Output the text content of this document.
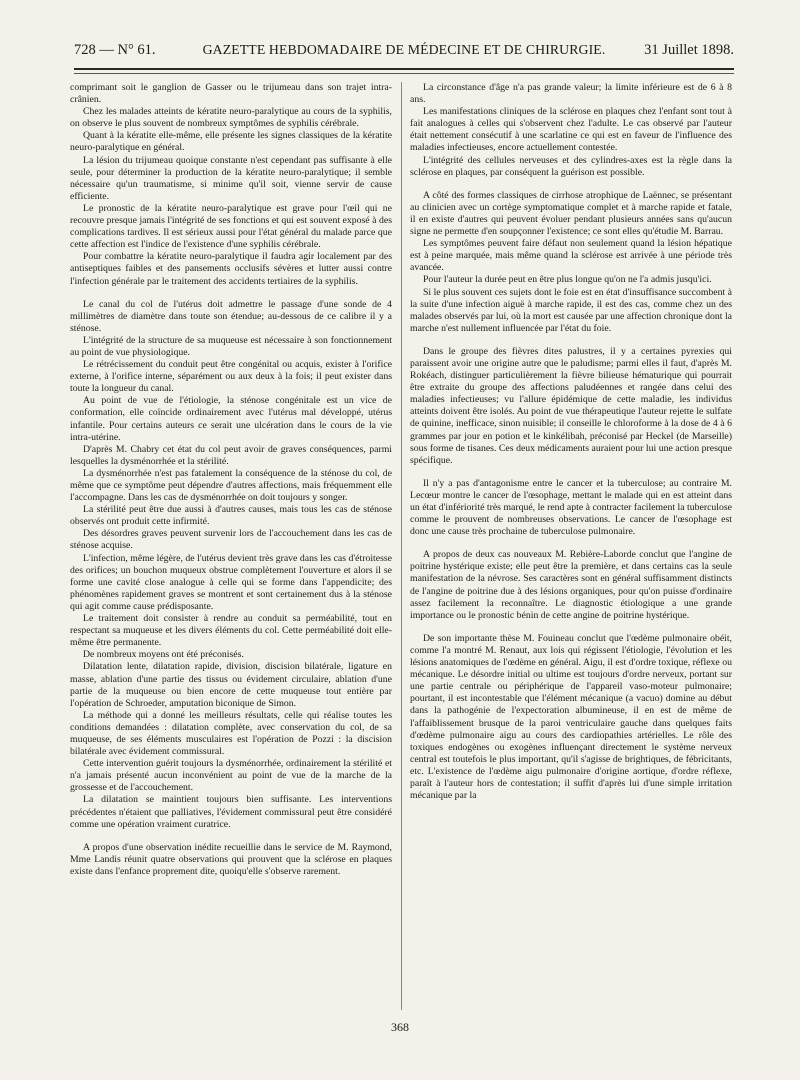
728 — N° 61.	GAZETTE HEBDOMADAIRE DE MÉDECINE ET DE CHIRURGIE.	31 Juillet 1898.

comprimant soit le ganglion de Gasser ou le trijumeau dans son trajet intra-crânien.

Chez les malades atteints de kératite neuro-paralytique au cours de la syphilis, on observe le plus souvent de nombreux symptômes de syphilis cérébrale.

Quant à la kératite elle-même, elle présente les signes classiques de la kératite neuro-paralytique en général.

La lésion du trijumeau quoique constante n'est cependant pas suffisante à elle seule, pour déterminer la production de la kératite neuro-paralytique; il semble nécessaire qu'un traumatisme, si minime qu'il soit, vienne servir de cause efficiente.

Le pronostic de la kératite neuro-paralytique est grave pour l'œil qui ne recouvre presque jamais l'intégrité de ses fonctions et qui est souvent exposé à des complications tardives. Il est sérieux aussi pour l'état général du malade parce que cette affection est l'indice de l'existence d'une syphilis cérébrale.

Pour combattre la kératite neuro-paralytique il faudra agir localement par des antiseptiques faibles et des pansements occlusifs sévères et lutter aussi contre l'infection générale par le traitement des accidents tertiaires de la syphilis.

Le canal du col de l'utérus doit admettre le passage d'une sonde de 4 millimètres de diamètre dans toute son étendue; au-dessous de ce calibre il y a sténose.

L'intégrité de la structure de sa muqueuse est nécessaire à son fonctionnement au point de vue physiologique.

Le rétrécissement du conduit peut être congénital ou acquis, exister à l'orifice externe, à l'orifice interne, séparément ou aux deux à la fois; il peut exister dans toute la longueur du canal.

Au point de vue de l'étiologie, la sténose congénitale est un vice de conformation, elle coïncide ordinairement avec l'utérus mal développé, utérus infantile. Pour certains auteurs ce serait une ulcération dans le cours de la vie intra-utérine.

D'après M. Chabry cet état du col peut avoir de graves conséquences, parmi lesquelles la dysménorrhée et la stérilité.

La dysménorrhée n'est pas fatalement la conséquence de la sténose du col, de même que ce symptôme peut dépendre d'autres affections, mais fréquemment elle l'accompagne. Dans les cas de dysménorrhée on doit toujours y songer.

La stérilité peut être due aussi à d'autres causes, mais tous les cas de sténose observés ont produit cette infirmité.

Des désordres graves peuvent survenir lors de l'accouchement dans les cas de sténose acquise.

L'infection, même légère, de l'utérus devient très grave dans les cas d'étroitesse des orifices; un bouchon muqueux obstrue complètement l'ouverture et alors il se forme une cavité close analogue à celle qui se forme dans l'appendicite; des phénomènes rapidement graves se montrent et sont certainement dus à la sténose qui agit comme cause prédisposante.

Le traitement doit consister à rendre au conduit sa perméabilité, tout en respectant sa muqueuse et les divers éléments du col. Cette perméabilité doit elle-même être permanente.

De nombreux moyens ont été préconisés.

Dilatation lente, dilatation rapide, division, discision bilatérale, ligature en masse, ablation d'une partie des tissus ou évidement circulaire, ablation d'une partie de la muqueuse ou bien encore de cette muqueuse tout entière par l'opération de Schroeder, amputation biconique de Simon.

La méthode qui a donné les meilleurs résultats, celle qui réalise toutes les conditions demandées : dilatation complète, avec conservation du col, de sa muqueuse, de ses éléments musculaires est l'opération de Pozzi : la discision bilatérale avec évidement commissural.

Cette intervention guérit toujours la dysménorrhée, ordinairement la stérilité et n'a jamais présenté aucun inconvénient au point de vue de la marche de la grossesse et de l'accouchement.

La dilatation se maintient toujours bien suffisante. Les interventions précédentes n'étaient que palliatives, l'évidement commissural peut être considéré comme une opération vraiment curatrice.

A propos d'une observation inédite recueillie dans le service de M. Raymond, Mme Landis réunit quatre observations qui prouvent que la sclérose en plaques existe dans l'enfance proprement dite, quoiqu'elle s'observe rarement.

La circonstance d'âge n'a pas grande valeur; la limite inférieure est de 6 à 8 ans.

Les manifestations cliniques de la sclérose en plaques chez l'enfant sont tout à fait analogues à celles qui s'observent chez l'adulte. Le cas observé par l'auteur était nettement consécutif à une scarlatine ce qui est en faveur de l'influence des maladies infectieuses, encore actuellement contestée.

L'intégrité des cellules nerveuses et des cylindres-axes est la règle dans la sclérose en plaques, par conséquent la guérison est possible.

A côté des formes classiques de cirrhose atrophique de Laënnec, se présentant au clinicien avec un cortège symptomatique complet et à marche rapide et fatale, il en existe d'autres qui peuvent évoluer pendant plusieurs années sans qu'aucun signe ne permette d'en soupçonner l'existence; ce sont elles qu'étudie M. Barrau.

Les symptômes peuvent faire défaut non seulement quand la lésion hépatique est à peine marquée, mais même quand la sclérose est arrivée à une période très avancée.

Pour l'auteur la durée peut en être plus longue qu'on ne l'a admis jusqu'ici.

Si le plus souvent ces sujets dont le foie est en état d'insuffisance succombent à la suite d'une infection aiguë à marche rapide, il est des cas, comme chez un des malades observés par lui, où la mort est causée par une affection chronique dont la marche n'est nullement influencée par l'état du foie.

Dans le groupe des fièvres dites palustres, il y a certaines pyrexies qui paraissent avoir une origine autre que le paludisme; parmi elles il faut, d'après M. Rokéach, distinguer particulièrement la fièvre bilieuse hématurique qui pourrait être extraite du groupe des affections paludéennes et rangée dans celui des maladies infectieuses; vu l'allure épidémique de cette maladie, les individus atteints doivent être isolés. Au point de vue thérapeutique l'auteur rejette le sulfate de quinine, inefficace, sinon nuisible; il conseille le chloroforme à la dose de 4 à 6 grammes par jour en potion et le kinkélibah, préconisé par Heckel (de Marseille) sous forme de tisanes. Ces deux médicaments auraient pour lui une action presque spécifique.

Il n'y a pas d'antagonisme entre le cancer et la tuberculose; au contraire M. Lecœur montre le cancer de l'œsophage, mettant le malade qui en est atteint dans un état d'infériorité très marqué, le rend apte à contracter facilement la tuberculose comme le prouvent de nombreuses observations. Le cancer de l'œsophage est donc une cause très prochaine de tuberculose pulmonaire.

A propos de deux cas nouveaux M. Rebière-Laborde conclut que l'angine de poitrine hystérique existe; elle peut être la première, et dans certains cas la seule manifestation de la névrose. Ses caractères sont en général suffisamment distincts de l'angine de poitrine due à des lésions organiques, pour qu'on puisse d'ordinaire assez facilement la reconnaître. Le diagnostic étiologique a une grande importance ou le pronostic bénin de cette angine de poitrine hystérique.

De son importante thèse M. Fouineau conclut que l'œdème pulmonaire obéit, comme l'a montré M. Renaut, aux lois qui régissent l'étiologie, l'évolution et les lésions anatomiques de l'œdème en général. Aigu, il est d'ordre toxique, réflexe ou mécanique. Le désordre initial ou ultime est toujours d'ordre nerveux, portant sur une partie centrale ou périphérique de l'appareil vaso-moteur pulmonaire; pourtant, il est incontestable que l'élément mécanique (a vacuo) domine au début dans la pathogénie de l'expectoration albumineuse, il en est de même de l'affaiblissement brusque de la paroi ventriculaire gauche dans quelques faits d'œdème pulmonaire aigu au cours des cardiopathies artérielles. Le rôle des toxiques endogènes ou exogènes influençant directement le système nerveux central est toutefois le plus important, qu'il s'agisse de brightiques, de fébricitants, etc. L'existence de l'œdème aigu pulmonaire d'origine aortique, d'ordre réflexe, paraît à l'auteur hors de contestation; il suffit d'après lui d'une simple irritation mécanique par la

368
